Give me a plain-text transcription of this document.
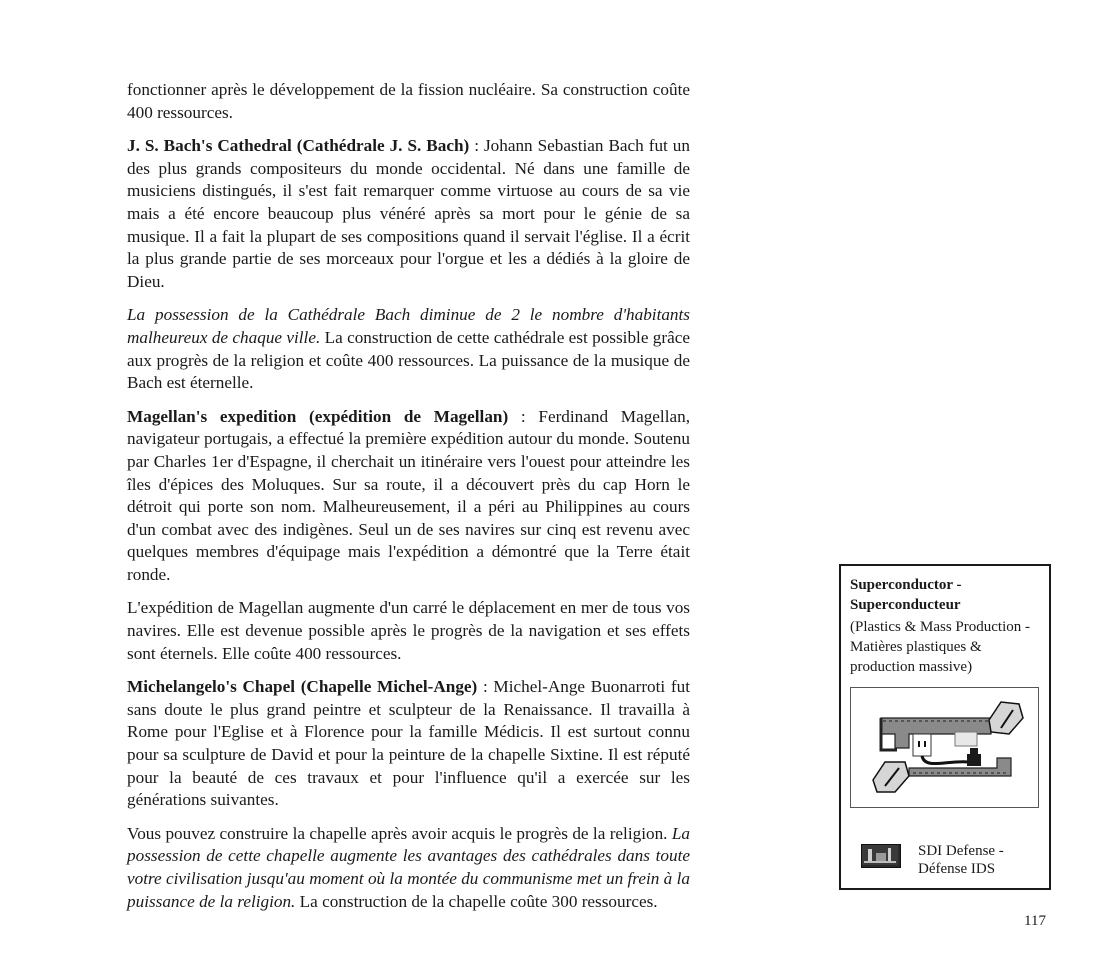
fonctionner après le développement de la fission nucléaire. Sa construction coûte 400 ressources.

J. S. Bach's Cathedral (Cathédrale J. S. Bach) : Johann Sebastian Bach fut un des plus grands compositeurs du monde occidental. Né dans une famille de musiciens distingués, il s'est fait remarquer comme virtuose au cours de sa vie mais a été encore beaucoup plus vénéré après sa mort pour le génie de sa musique. Il a fait la plupart de ses compositions quand il servait l'église. Il a écrit la plus grande partie de ses morceaux pour l'orgue et les a dédiés à la gloire de Dieu.

La possession de la Cathédrale Bach diminue de 2 le nombre d'habitants malheureux de chaque ville. La construction de cette cathédrale est possible grâce aux progrès de la religion et coûte 400 ressources. La puissance de la musique de Bach est éternelle.

Magellan's expedition (expédition de Magellan) : Ferdinand Magellan, navigateur portugais, a effectué la première expédition autour du monde. Soutenu par Charles 1er d'Espagne, il cherchait un itinéraire vers l'ouest pour atteindre les îles d'épices des Moluques. Sur sa route, il a découvert près du cap Horn le détroit qui porte son nom. Malheureusement, il a péri au Philippines au cours d'un combat avec des indigènes. Seul un de ses navires sur cinq est revenu avec quelques membres d'équipage mais l'expédition a démontré que la Terre était ronde.

L'expédition de Magellan augmente d'un carré le déplacement en mer de tous vos navires. Elle est devenue possible après le progrès de la navigation et ses effets sont éternels. Elle coûte 400 ressources.

Michelangelo's Chapel (Chapelle Michel-Ange) : Michel-Ange Buonarroti fut sans doute le plus grand peintre et sculpteur de la Renaissance. Il travailla à Rome pour l'Eglise et à Florence pour la famille Médicis. Il est surtout connu pour sa sculpture de David et pour la peinture de la chapelle Sixtine. Il est réputé pour la beauté de ces travaux et pour l'influence qu'il a exercée sur les générations suivantes.

Vous pouvez construire la chapelle après avoir acquis le progrès de la religion. La possession de cette chapelle augmente les avantages des cathédrales dans toute votre civilisation jusqu'au moment où la montée du communisme met un frein à la puissance de la religion. La construction de la chapelle coûte 300 ressources.

Superconductor - Superconducteur
(Plastics & Mass Production - Matières plastiques & production massive)
SDI Defense - Défense IDS
117
